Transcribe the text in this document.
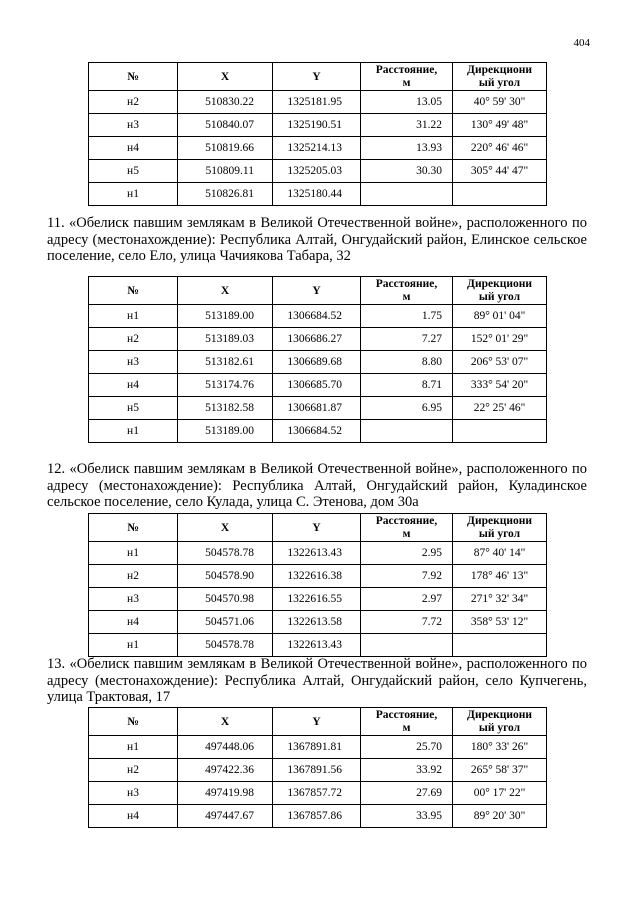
404
№	X	Y	Расстояние,
м	Дирекциони
ый угол
н2	510830.22	1325181.95	13.05	40° 59' 30"
н3	510840.07	1325190.51	31.22	130° 49' 48"
н4	510819.66	1325214.13	13.93	220° 46' 46"
н5	510809.11	1325205.03	30.30	305° 44' 47"
н1	510826.81	1325180.44		
11. «Обелиск павшим землякам в Великой Отечественной войне», расположенного по адресу (местонахождение): Республика Алтай, Онгудайский район, Елинское сельское поселение, село Ело, улица Чачиякова Табара, 32
№	X	Y	Расстояние,
м	Дирекциони
ый угол
н1	513189.00	1306684.52	1.75	89° 01' 04"
н2	513189.03	1306686.27	7.27	152° 01' 29"
н3	513182.61	1306689.68	8.80	206° 53' 07"
н4	513174.76	1306685.70	8.71	333° 54' 20"
н5	513182.58	1306681.87	6.95	22° 25' 46"
н1	513189.00	1306684.52		
12. «Обелиск павшим землякам в Великой Отечественной войне», расположенного по адресу (местонахождение): Республика Алтай, Онгудайский район, Куладинское сельское поселение, село Кулада, улица С. Этенова, дом 30а
№	X	Y	Расстояние,
м	Дирекциони
ый угол
н1	504578.78	1322613.43	2.95	87° 40' 14"
н2	504578.90	1322616.38	7.92	178° 46' 13"
н3	504570.98	1322616.55	2.97	271° 32' 34"
н4	504571.06	1322613.58	7.72	358° 53' 12"
н1	504578.78	1322613.43		
13. «Обелиск павшим землякам в Великой Отечественной войне», расположенного по адресу (местонахождение): Республика Алтай, Онгудайский район, село Купчегень, улица Трактовая, 17
№	X	Y	Расстояние,
м	Дирекциони
ый угол
н1	497448.06	1367891.81	25.70	180° 33' 26"
н2	497422.36	1367891.56	33.92	265° 58' 37"
н3	497419.98	1367857.72	27.69	00° 17' 22"
н4	497447.67	1367857.86	33.95	89° 20' 30"
